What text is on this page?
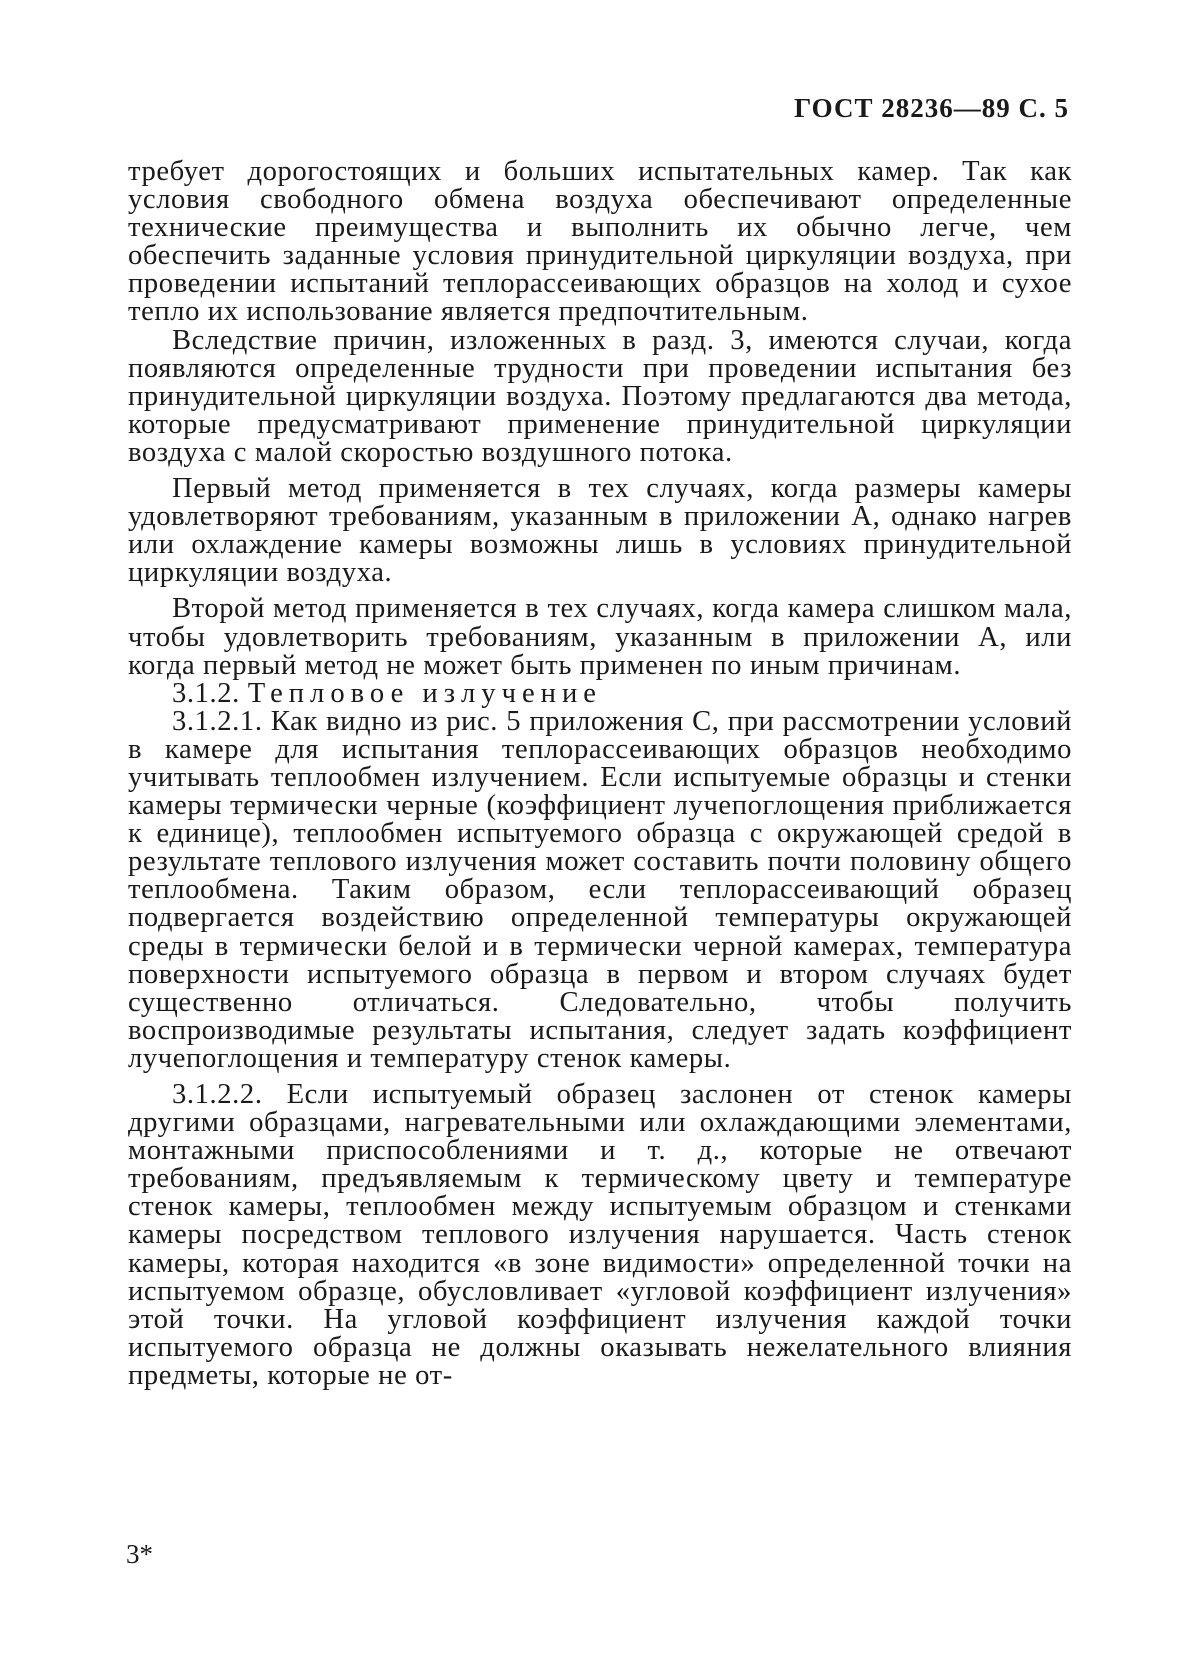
ГОСТ 28236—89 С. 5

требует дорогостоящих и больших испытательных камер. Так как условия свободного обмена воздуха обеспечивают определенные технические преимущества и выполнить их обычно легче, чем обеспечить заданные условия принудительной циркуляции воздуха, при проведении испытаний теплорассеивающих образцов на холод и сухое тепло их использование является предпочтительным.

Вследствие причин, изложенных в разд. 3, имеются случаи, когда появляются определенные трудности при проведении испытания без принудительной циркуляции воздуха. Поэтому предлагаются два метода, которые предусматривают применение принудительной циркуляции воздуха с малой скоростью воздушного потока.

Первый метод применяется в тех случаях, когда размеры камеры удовлетворяют требованиям, указанным в приложении А, однако нагрев или охлаждение камеры возможны лишь в условиях принудительной циркуляции воздуха.

Второй метод применяется в тех случаях, когда камера слишком мала, чтобы удовлетворить требованиям, указанным в приложении А, или когда первый метод не может быть применен по иным причинам.

3.1.2. Тепловое излучение

3.1.2.1. Как видно из рис. 5 приложения С, при рассмотрении условий в камере для испытания теплорассеивающих образцов необходимо учитывать теплообмен излучением. Если испытуемые образцы и стенки камеры термически черные (коэффициент лучепоглощения приближается к единице), теплообмен испытуемого образца с окружающей средой в результате теплового излучения может составить почти половину общего теплообмена. Таким образом, если теплорассеивающий образец подвергается воздействию определенной температуры окружающей среды в термически белой и в термически черной камерах, температура поверхности испытуемого образца в первом и втором случаях будет существенно отличаться. Следовательно, чтобы получить воспроизводимые результаты испытания, следует задать коэффициент лучепоглощения и температуру стенок камеры.

3.1.2.2. Если испытуемый образец заслонен от стенок камеры другими образцами, нагревательными или охлаждающими элементами, монтажными приспособлениями и т. д., которые не отвечают требованиям, предъявляемым к термическому цвету и температуре стенок камеры, теплообмен между испытуемым образцом и стенками камеры посредством теплового излучения нарушается. Часть стенок камеры, которая находится «в зоне видимости» определенной точки на испытуемом образце, обусловливает «угловой коэффициент излучения» этой точки. На угловой коэффициент излучения каждой точки испытуемого образца не должны оказывать нежелательного влияния предметы, которые не от-

3*
